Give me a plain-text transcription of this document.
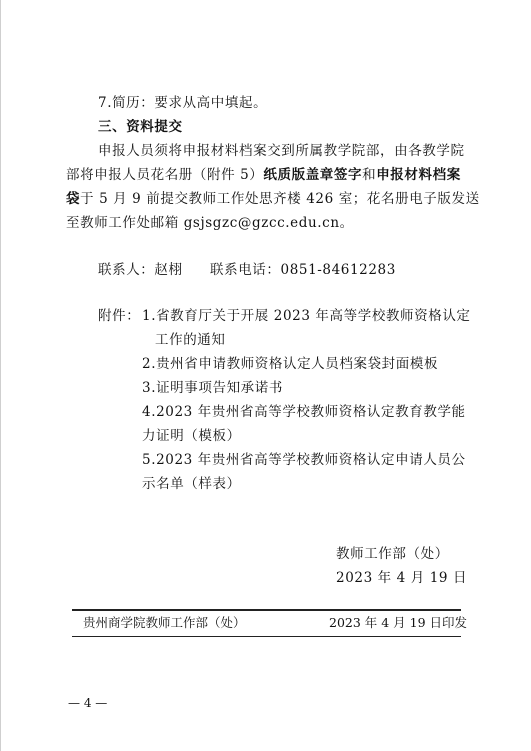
7.简历：要求从高中填起。
三、资料提交
申报人员须将申报材料档案交到所属教学院部，由各教学院
部将申报人员花名册（附件 5）纸质版盖章签字和申报材料档案
袋于 5 月 9 前提交教师工作处思齐楼 426 室；花名册电子版发送
至教师工作处邮箱 gsjsgzc@gzcc.edu.cn。
联系人：赵栩 联系电话：0851-84612283
附件： 1.省教育厅关于开展 2023 年高等学校教师资格认定
工作的通知
2.贵州省申请教师资格认定人员档案袋封面模板
3.证明事项告知承诺书
4.2023 年贵州省高等学校教师资格认定教育教学能
力证明（模板）
5.2023 年贵州省高等学校教师资格认定申请人员公
示名单（样表）
教师工作部（处）
2023 年 4 月 19 日
贵州商学院教师工作部（处）	2023 年 4 月 19 日印发
— 4 —
